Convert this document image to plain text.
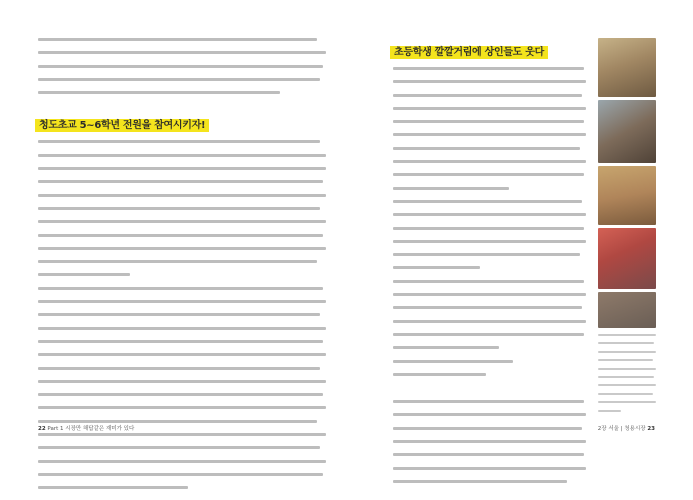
청도초교 5~6학년 전원을 참여시키자!
초등학생 깔깔거림에 상인들도 웃다
22 Part 1 시장만 해답같은 재미가 있다	2장 서울 | 청용시장 23
